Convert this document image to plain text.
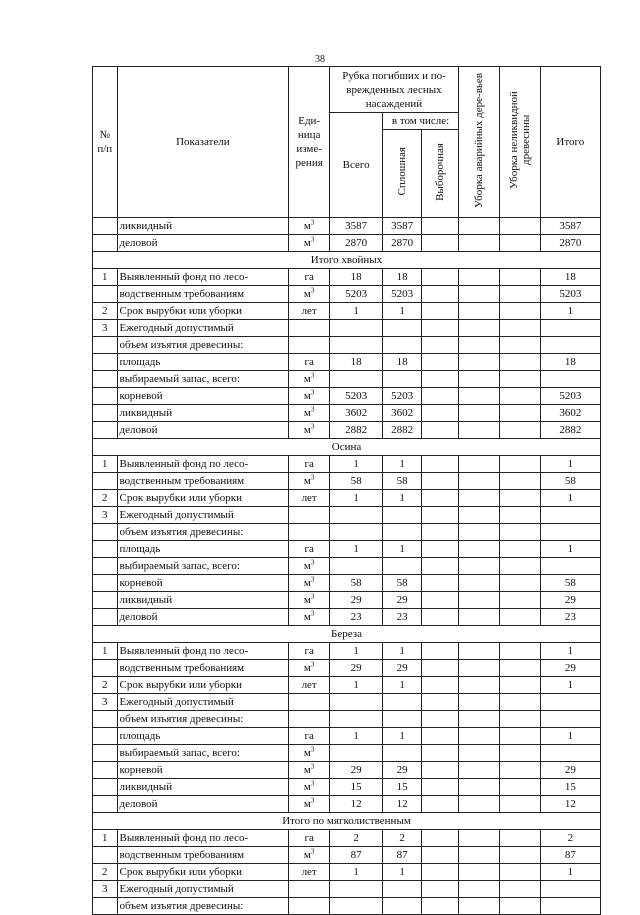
38
№ п/п	Показатели	Еди-ница изме-рения	Рубка погибших и по-врежденных лесных насаждений			Уборка аварийных дере-вьев	Уборка неликвидной древесины	Итого
			Всего	в том числе:				
				Сплошная	Выборочная			
	ликвидный	$м^3$	3587	3587				3587
	деловой	$м^3$	2870	2870				2870
Итого хвойных								
1	Выявленный фонд по лесо-	га	18	18				18
	водственным требованиям	$м^3$	5203	5203				5203
2	Срок вырубки или уборки	лет	1	1				1
3	Ежегодный допустимый							
	объем изъятия древесины:							
	площадь	га	18	18				18
	выбираемый запас, всего:	$м^3$						
	корневой	$м^3$	5203	5203				5203
	ликвидный	$м^3$	3602	3602				3602
	деловой	$м^3$	2882	2882				2882
Осина								
1	Выявленный фонд по лесо-	га	1	1				1
	водственным требованиям	$м^3$	58	58				58
2	Срок вырубки или уборки	лет	1	1				1
3	Ежегодный допустимый							
	объем изъятия древесины:							
	площадь	га	1	1				1
	выбираемый запас, всего:	$м^3$						
	корневой	$м^3$	58	58				58
	ликвидный	$м^3$	29	29				29
	деловой	$м^3$	23	23				23
Береза								
1	Выявленный фонд по лесо-	га	1	1				1
	водственным требованиям	$м^3$	29	29				29
2	Срок вырубки или уборки	лет	1	1				1
3	Ежегодный допустимый							
	объем изъятия древесины:							
	площадь	га	1	1				1
	выбираемый запас, всего:	$м^3$						
	корневой	$м^3$	29	29				29
	ликвидный	$м^3$	15	15				15
	деловой	$м^3$	12	12				12
Итого по мягколиственным								
1	Выявленный фонд по лесо-	га	2	2				2
	водственным требованиям	$м^3$	87	87				87
2	Срок вырубки или уборки	лет	1	1				1
3	Ежегодный допустимый							
	объем изъятия древесины:							
